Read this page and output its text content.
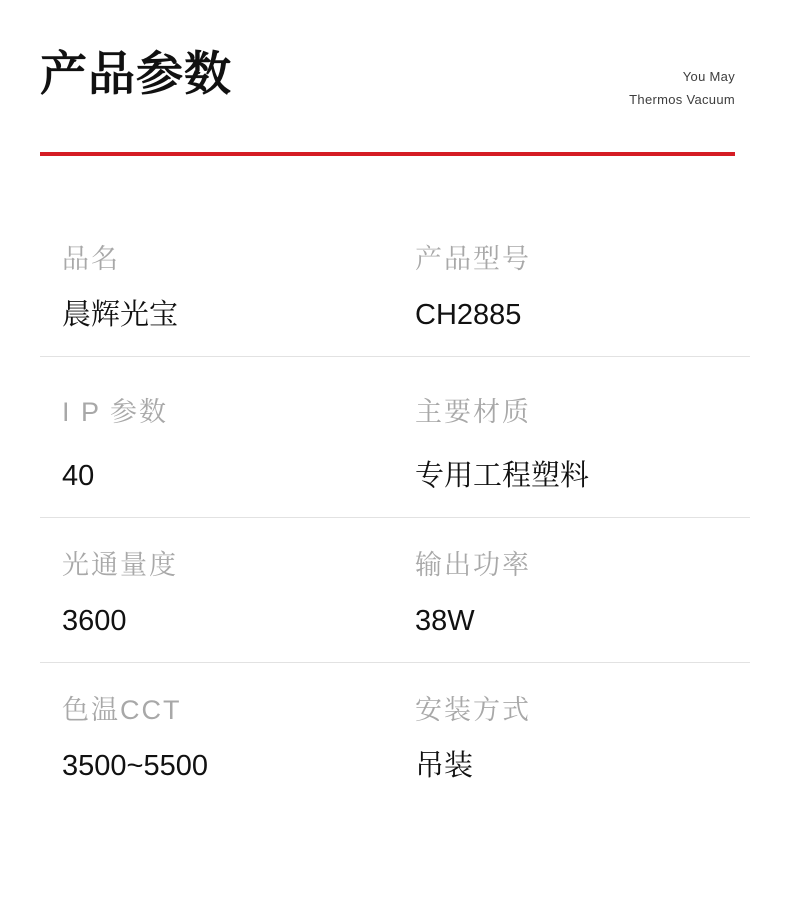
产品参数	You May
Thermos Vacuum
品名	产品型号
晨辉光宝	CH2885
I P 参数	主要材质
40	专用工程塑料
光通量度	输出功率
3600	38W
色温CCT	安装方式
3500~5500	吊装
